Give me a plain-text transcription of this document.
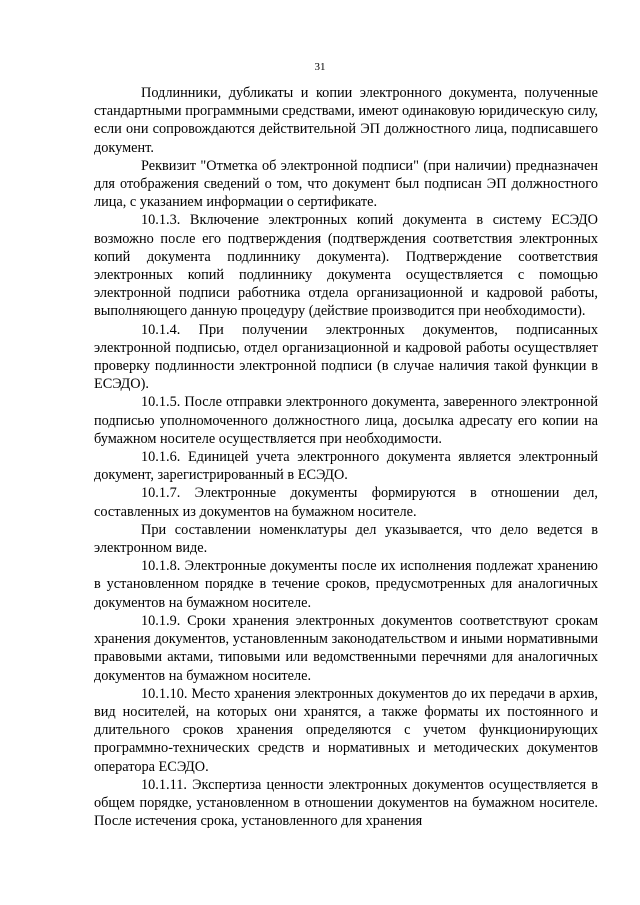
31

Подлинники, дубликаты и копии электронного документа, полученные стандартными программными средствами, имеют одинаковую юридическую силу, если они сопровождаются действительной ЭП должностного лица, подписавшего документ.

Реквизит "Отметка об электронной подписи" (при наличии) предназначен для отображения сведений о том, что документ был подписан ЭП должностного лица, с указанием информации о сертификате.

10.1.3. Включение электронных копий документа в систему ЕСЭДО возможно после его подтверждения (подтверждения соответствия электронных копий документа подлиннику документа). Подтверждение соответствия электронных копий подлиннику документа осуществляется с помощью электронной подписи работника отдела организационной и кадровой работы, выполняющего данную процедуру (действие производится при необходимости).

10.1.4. При получении электронных документов, подписанных электронной подписью, отдел организационной и кадровой работы осуществляет проверку подлинности электронной подписи (в случае наличия такой функции в ЕСЭДО).

10.1.5. После отправки электронного документа, заверенного электронной подписью уполномоченного должностного лица, досылка адресату его копии на бумажном носителе осуществляется при необходимости.

10.1.6. Единицей учета электронного документа является электронный документ, зарегистрированный в ЕСЭДО.

10.1.7. Электронные документы формируются в отношении дел, составленных из документов на бумажном носителе.

При составлении номенклатуры дел указывается, что дело ведется в электронном виде.

10.1.8. Электронные документы после их исполнения подлежат хранению в установленном порядке в течение сроков, предусмотренных для аналогичных документов на бумажном носителе.

10.1.9. Сроки хранения электронных документов соответствуют срокам хранения документов, установленным законодательством и иными нормативными правовыми актами, типовыми или ведомственными перечнями для аналогичных документов на бумажном носителе.

10.1.10. Место хранения электронных документов до их передачи в архив, вид носителей, на которых они хранятся, а также форматы их постоянного и длительного сроков хранения определяются с учетом функционирующих программно-технических средств и нормативных и методических документов оператора ЕСЭДО.

10.1.11. Экспертиза ценности электронных документов осуществляется в общем порядке, установленном в отношении документов на бумажном носителе. После истечения срока, установленного для хранения
